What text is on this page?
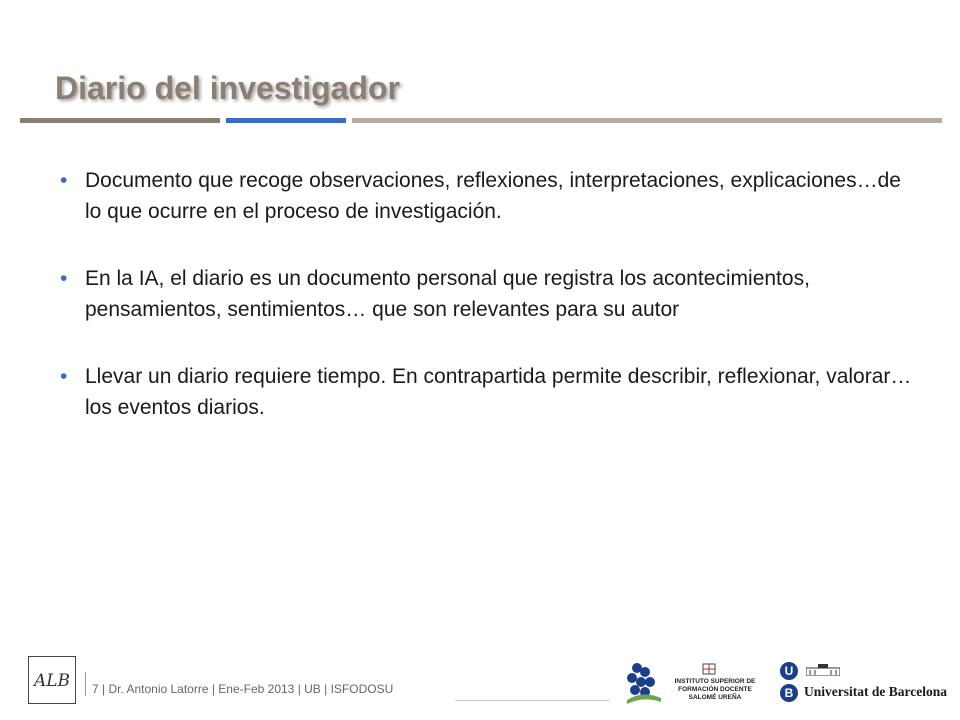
Diario del investigador
• Documento que recoge observaciones, reflexiones, interpretaciones, explicaciones…de lo que ocurre en el proceso de investigación.
• En la IA, el diario es un documento personal que registra los acontecimientos, pensamientos, sentimientos… que son relevantes para su autor
• Llevar un diario requiere tiempo. En contrapartida permite describir, reflexionar, valorar… los eventos diarios.
ALB	7 | Dr. Antonio Latorre | Ene-Feb 2013 | UB | ISFODOSU
INSTITUTO SUPERIOR DE FORMACIÓN DOCENTE SALOMÉ UREÑA
U
B Universitat de Barcelona
